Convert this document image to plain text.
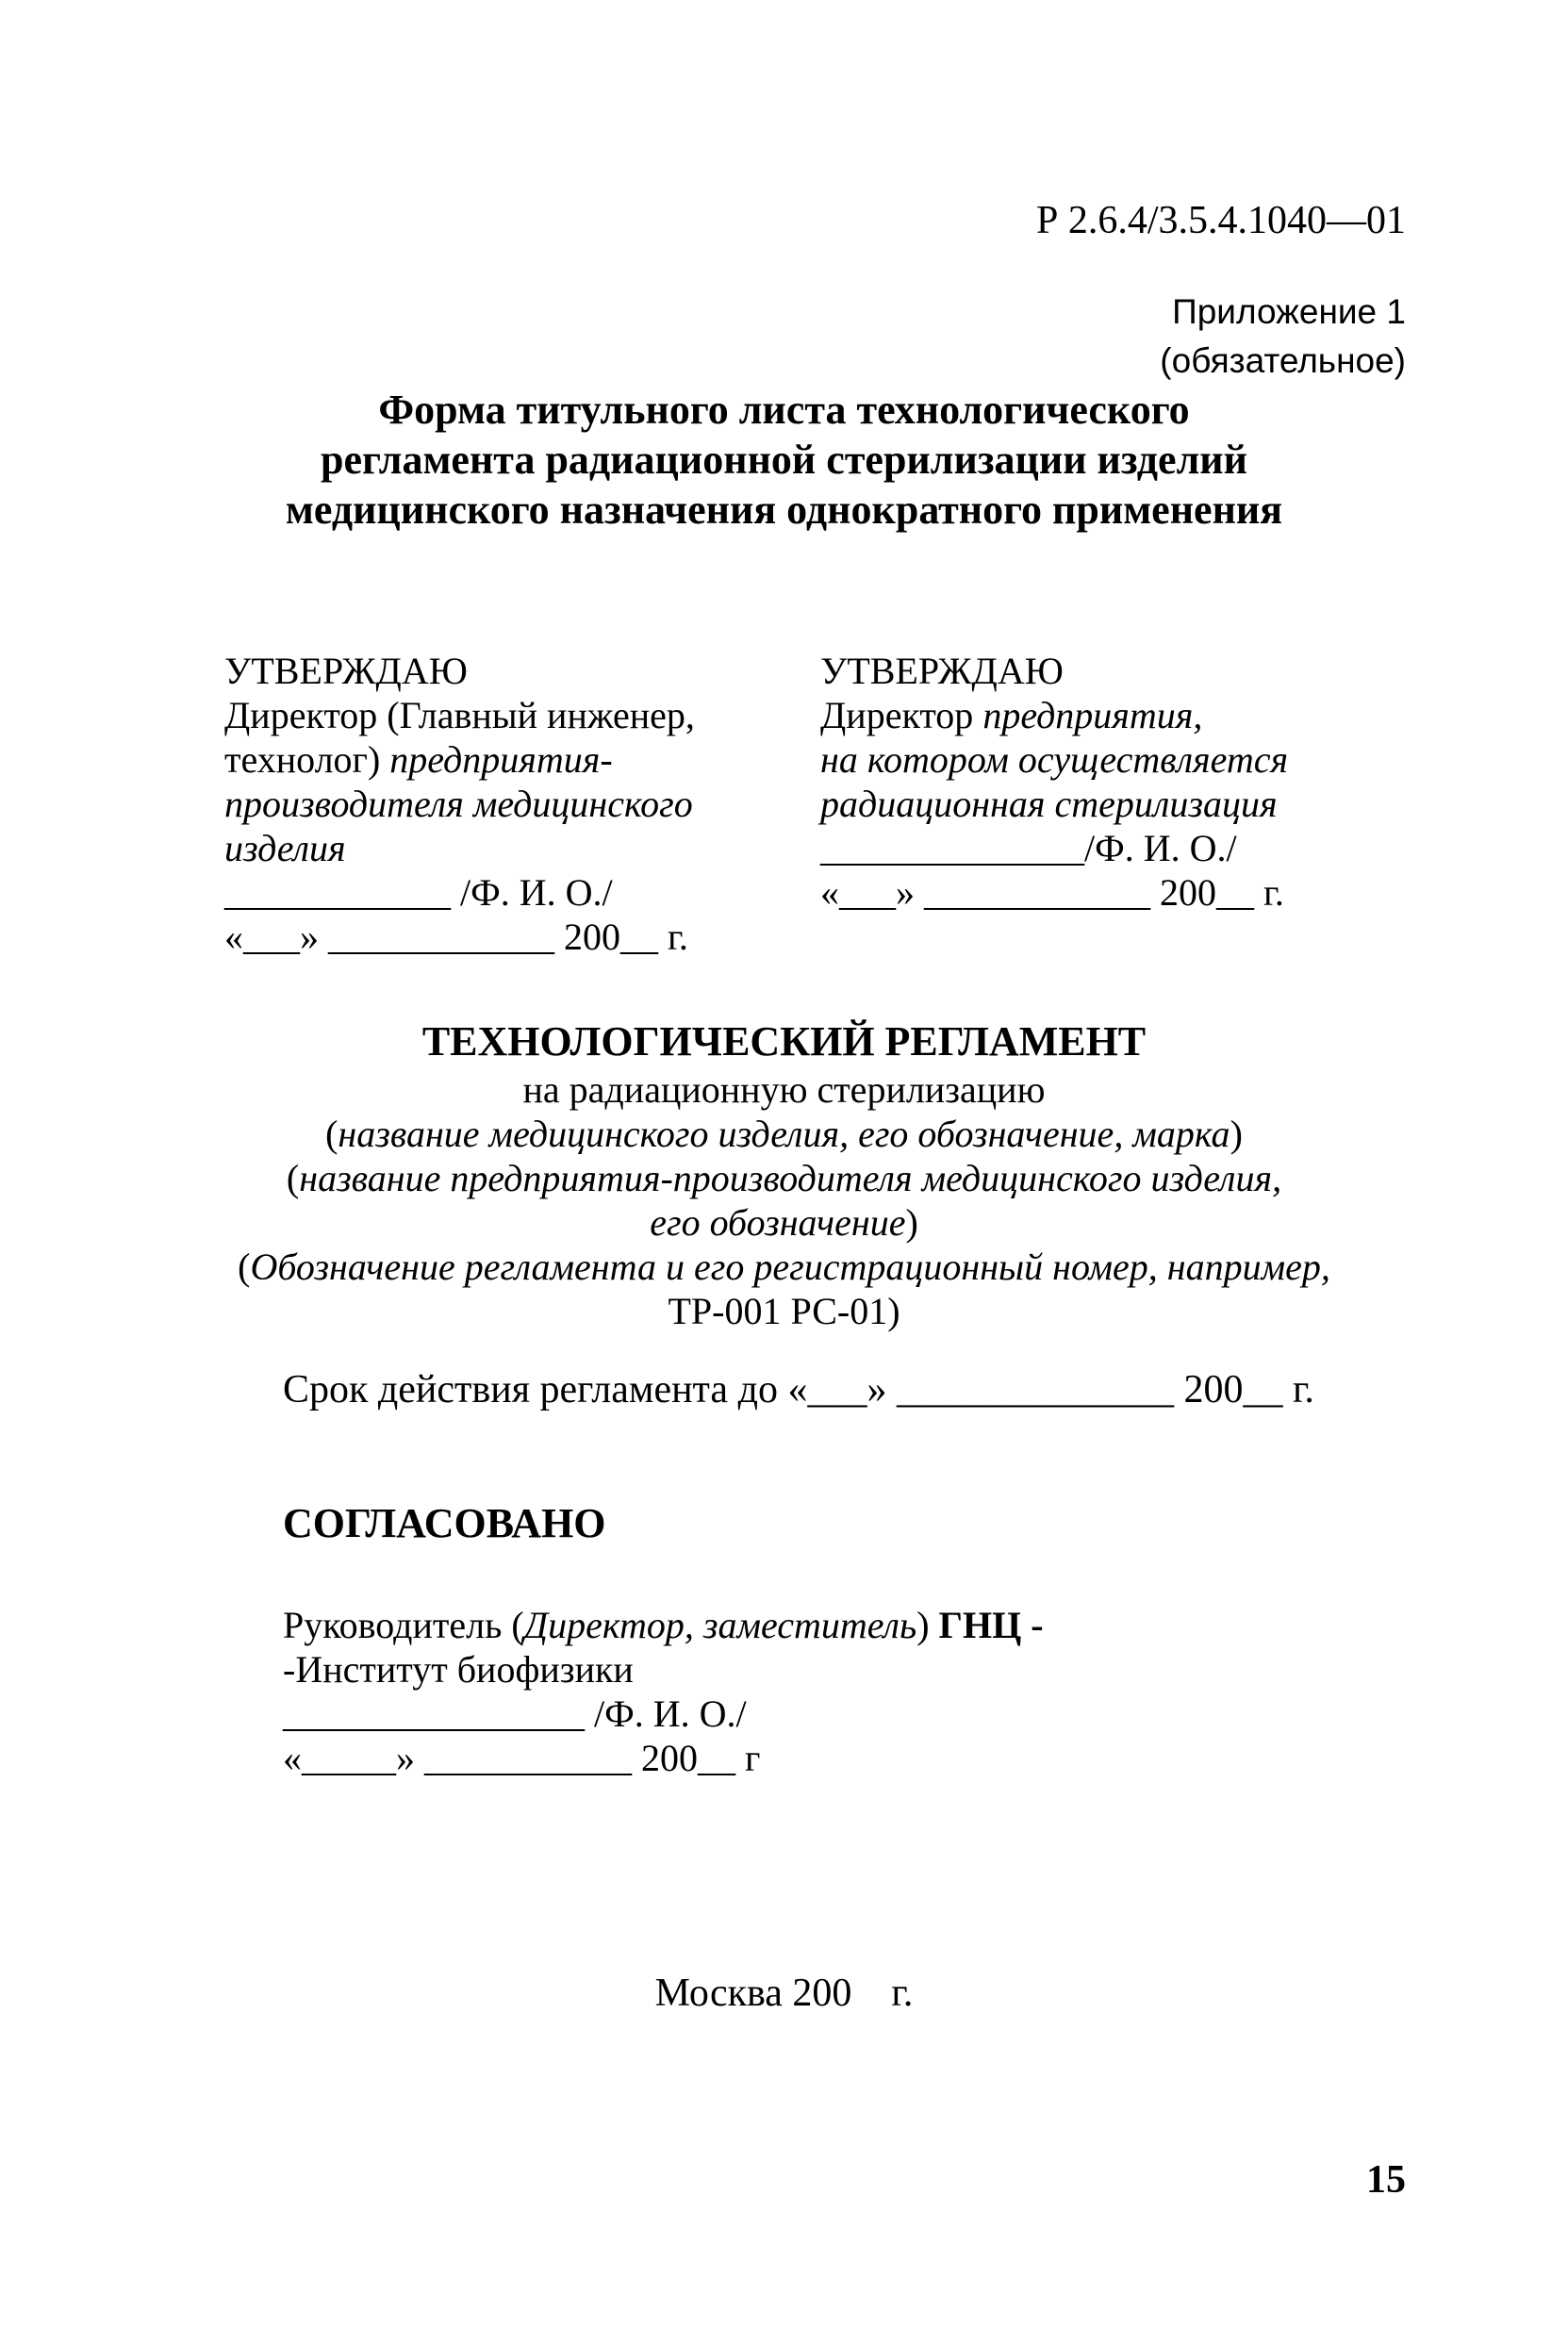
Р 2.6.4/3.5.4.1040—01
Приложение 1
(обязательное)
Форма титульного листа технологического
регламента радиационной стерилизации изделий
медицинского назначения однократного применения
УТВЕРЖДАЮ
Директор (Главный инженер,
технолог) предприятия-
производителя медицинского
изделия
____________ /Ф. И. О./
«___» ____________ 200__ г.
УТВЕРЖДАЮ
Директор предприятия,
на котором осуществляется
радиационная стерилизация
______________/Ф. И. О./
«___» ____________ 200__ г.
ТЕХНОЛОГИЧЕСКИЙ РЕГЛАМЕНТ
на радиационную стерилизацию
(название медицинского изделия, его обозначение, марка)
(название предприятия-производителя медицинского изделия,
его обозначение)
(Обозначение регламента и его регистрационный номер, например,
ТР-001 РС-01)
Срок действия регламента до «___» ______________ 200__ г.
СОГЛАСОВАНО
Руководитель (Директор, заместитель) ГНЦ -
-Институт биофизики
________________ /Ф. И. О./
«_____» ___________ 200__ г
Москва 200    г.
15
